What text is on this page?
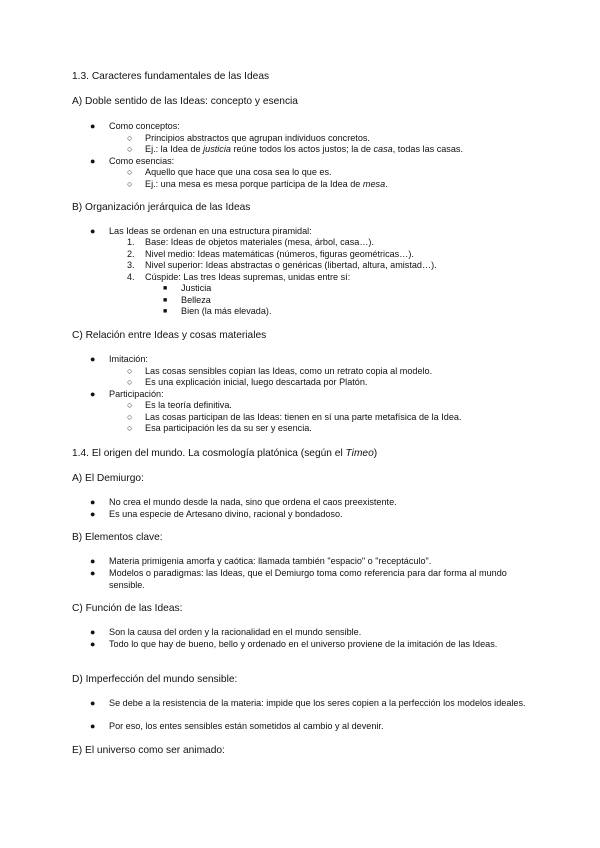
1.3. Caracteres fundamentales de las Ideas
A) Doble sentido de las Ideas: concepto y esencia
● Como conceptos:
○ Principios abstractos que agrupan individuos concretos.
○ Ej.: la Idea de justicia reúne todos los actos justos; la de casa, todas las casas.
● Como esencias:
○ Aquello que hace que una cosa sea lo que es.
○ Ej.: una mesa es mesa porque participa de la Idea de mesa.
B) Organización jerárquica de las Ideas
● Las Ideas se ordenan en una estructura piramidal:
1. Base: Ideas de objetos materiales (mesa, árbol, casa…).
2. Nivel medio: Ideas matemáticas (números, figuras geométricas…).
3. Nivel superior: Ideas abstractas o genéricas (libertad, altura, amistad…).
4. Cúspide: Las tres Ideas supremas, unidas entre sí:
■ Justicia
■ Belleza
■ Bien (la más elevada).
C) Relación entre Ideas y cosas materiales
● Imitación:
○ Las cosas sensibles copian las Ideas, como un retrato copia al modelo.
○ Es una explicación inicial, luego descartada por Platón.
● Participación:
○ Es la teoría definitiva.
○ Las cosas participan de las Ideas: tienen en sí una parte metafísica de la Idea.
○ Esa participación les da su ser y esencia.
1.4. El origen del mundo. La cosmología platónica (según el Timeo)
A) El Demiurgo:
● No crea el mundo desde la nada, sino que ordena el caos preexistente.
● Es una especie de Artesano divino, racional y bondadoso.
B) Elementos clave:
● Materia primigenia amorfa y caótica: llamada también "espacio" o "receptáculo".
● Modelos o paradigmas: las Ideas, que el Demiurgo toma como referencia para dar forma al mundo sensible.
C) Función de las Ideas:
● Son la causa del orden y la racionalidad en el mundo sensible.
● Todo lo que hay de bueno, bello y ordenado en el universo proviene de la imitación de las Ideas.
D) Imperfección del mundo sensible:
● Se debe a la resistencia de la materia: impide que los seres copien a la perfección los modelos ideales.
● Por eso, los entes sensibles están sometidos al cambio y al devenir.
E) El universo como ser animado:
